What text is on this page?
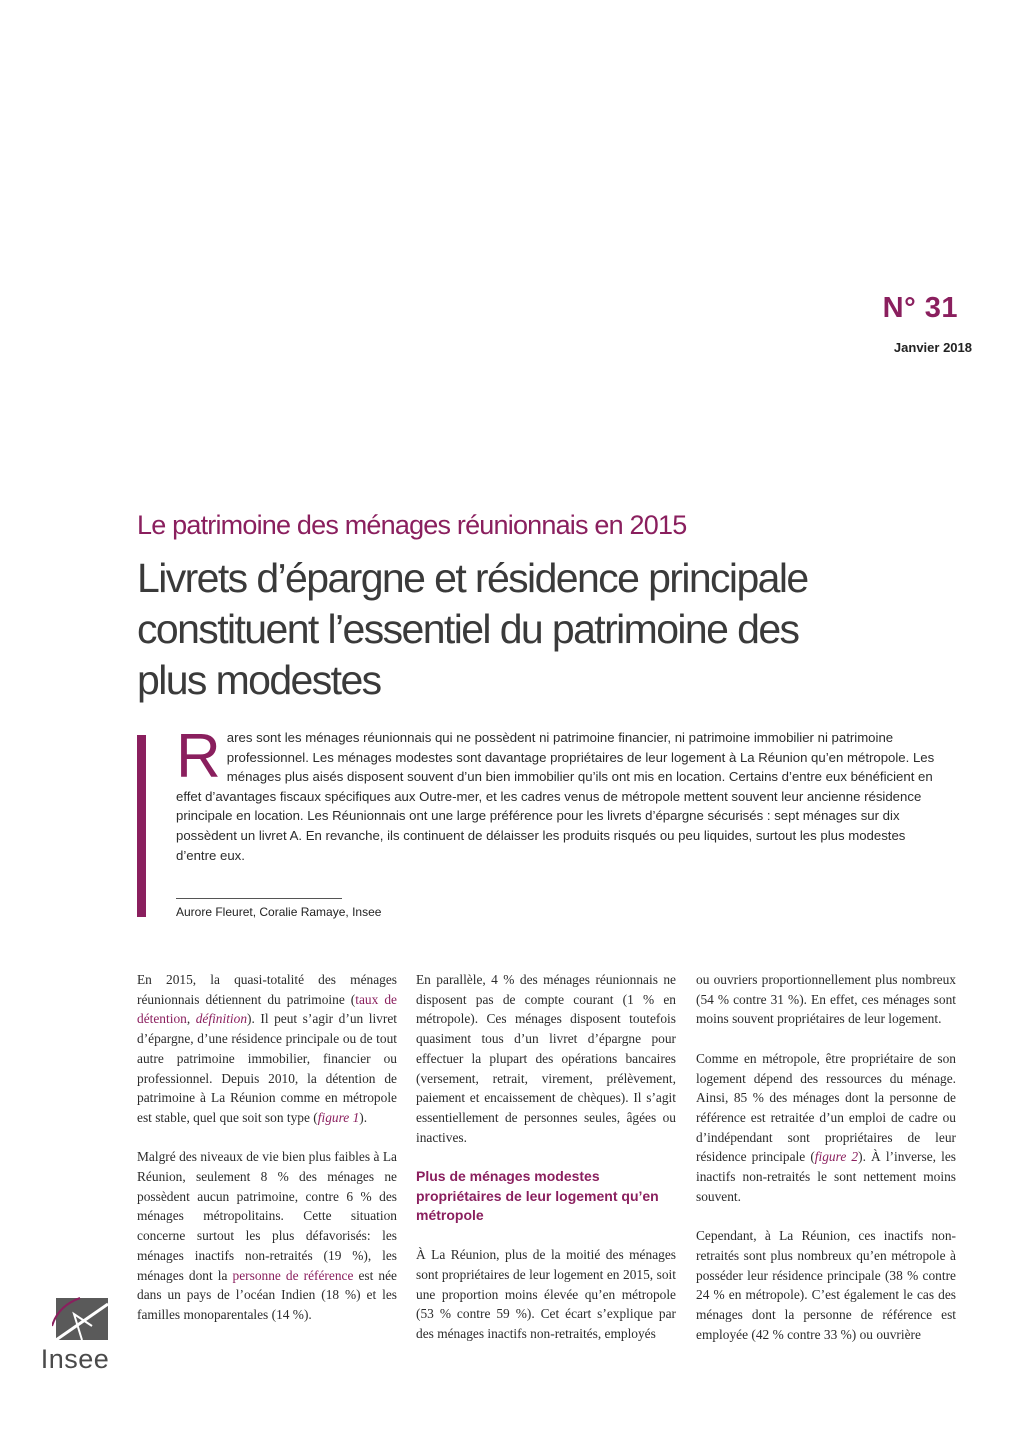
N° 31
Janvier 2018
Le patrimoine des ménages réunionnais en 2015
Livrets d’épargne et résidence principale constituent l’essentiel du patrimoine des plus modestes
Rares sont les ménages réunionnais qui ne possèdent ni patrimoine financier, ni patrimoine immobilier ni patrimoine professionnel. Les ménages modestes sont davantage propriétaires de leur logement à La Réunion qu’en métropole. Les ménages plus aisés disposent souvent d’un bien immobilier qu’ils ont mis en location. Certains d’entre eux bénéficient en effet d’avantages fiscaux spécifiques aux Outre-mer, et les cadres venus de métropole mettent souvent leur ancienne résidence principale en location. Les Réunionnais ont une large préférence pour les livrets d’épargne sécurisés : sept ménages sur dix possèdent un livret A. En revanche, ils continuent de délaisser les produits risqués ou peu liquides, surtout les plus modestes d’entre eux.
Aurore Fleuret, Coralie Ramaye, Insee

En 2015, la quasi-totalité des ménages réunionnais détiennent du patrimoine (taux de détention, définition). Il peut s’agir d’un livret d’épargne, d’une résidence principale ou de tout autre patrimoine immobilier, financier ou professionnel. Depuis 2010, la détention de patrimoine à La Réunion comme en métropole est stable, quel que soit son type (figure 1).

Malgré des niveaux de vie bien plus faibles à La Réunion, seulement 8 % des ménages ne possèdent aucun patrimoine, contre 6 % des ménages métropolitains. Cette situation concerne surtout les plus défavorisés: les ménages inactifs non-retraités (19 %), les ménages dont la personne de référence est née dans un pays de l’océan Indien (18 %) et les familles monoparentales (14 %).

En parallèle, 4 % des ménages réunionnais ne disposent pas de compte courant (1 % en métropole). Ces ménages disposent toutefois quasiment tous d’un livret d’épargne pour effectuer la plupart des opérations bancaires (versement, retrait, virement, prélèvement, paiement et encaissement de chèques). Il s’agit essentiellement de personnes seules, âgées ou inactives.

Plus de ménages modestes propriétaires de leur logement qu’en métropole

À La Réunion, plus de la moitié des ménages sont propriétaires de leur logement en 2015, soit une proportion moins élevée qu’en métropole (53 % contre 59 %). Cet écart s’explique par des ménages inactifs non-retraités, employés

ou ouvriers proportionnellement plus nombreux (54 % contre 31 %). En effet, ces ménages sont moins souvent propriétaires de leur logement.

Comme en métropole, être propriétaire de son logement dépend des ressources du ménage. Ainsi, 85 % des ménages dont la personne de référence est retraitée d’un emploi de cadre ou d’indépendant sont propriétaires de leur résidence principale (figure 2). À l’inverse, les inactifs non-retraités le sont nettement moins souvent.

Cependant, à La Réunion, ces inactifs non-retraités sont plus nombreux qu’en métropole à posséder leur résidence principale (38 % contre 24 % en métropole). C’est également le cas des ménages dont la personne de référence est employée (42 % contre 33 %) ou ouvrière

Insee
